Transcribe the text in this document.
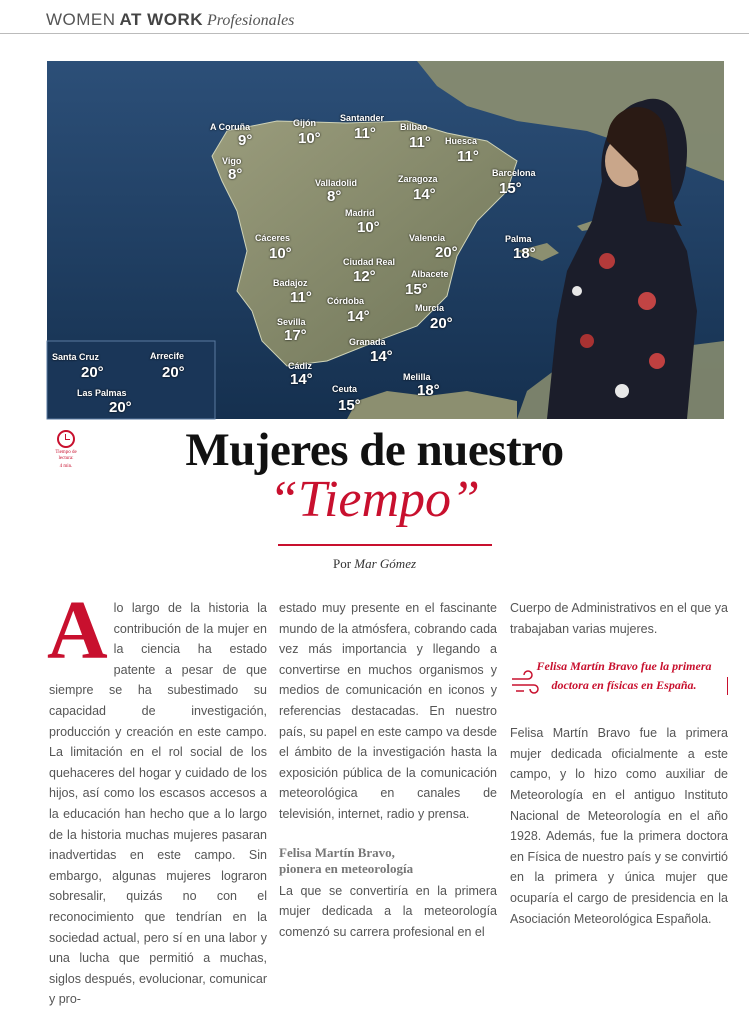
WOMEN AT WORK Profesionales
A Coruña
9°
Gijón
10°
Santander
11°	Bilbao
11° Huesca
11°
Vigo
8°	Valladolid
8°
Zaragoza
14°
Barcelona
15°
Madrid
10°
Cáceres
10°	Ciudad Real
12°
Valencia
20°
Palma
18°
Badajoz
11°
Albacete
15°
Córdoba
14°
Sevilla
17°
Murcia
20°
Granada
14°
Cádiz
14°
Ceuta
15°
Melilla
18°
Santa Cruz
20°
Arrecife
20°
Las Palmas
20°
Tiempo de lectura:
4 min.	Mujeres de nuestro
“Tiempo”
Por Mar Gómez
A lo largo de la historia la contribución de la mujer en la ciencia ha estado patente a pesar de que siempre se ha subestimado su capacidad de investigación, producción y creación en este campo. La limitación en el rol social de los quehaceres del hogar y cuidado de los hijos, así como los escasos accesos a la educación han hecho que a lo largo de la historia muchas mujeres pasaran inadvertidas en este campo. Sin embargo, algunas mujeres lograron sobresalir, quizás no con el reconocimiento que tendrían en la sociedad actual, pero sí en una labor y una lucha que permitió a muchas, siglos después, evolucionar, comunicar y pro-

estado muy presente en el fascinante mundo de la atmósfera, cobrando cada vez más importancia y llegando a convertirse en muchos organismos y medios de comunicación en iconos y referencias destacadas. En nuestro país, su papel en este campo va desde el ámbito de la investigación hasta la exposición pública de la comunicación meteorológica en canales de televisión, internet, radio y prensa.

Felisa Martín Bravo,
pionera en meteorología

La que se convertiría en la primera mujer dedicada a la meteorología comenzó su carrera profesional en el

Cuerpo de Administrativos en el que ya trabajaban varias mujeres.

Felisa Martín Bravo fue la primera doctora en físicas en España.

Felisa Martín Bravo fue la primera mujer dedicada oficialmente a este campo, y lo hizo como auxiliar de Meteorología en el antiguo Instituto Nacional de Meteorología en el año 1928. Además, fue la primera doctora en Física de nuestro país y se convirtió en la primera y única mujer que ocuparía el cargo de presidencia en la Asociación Meteorológica Española.
